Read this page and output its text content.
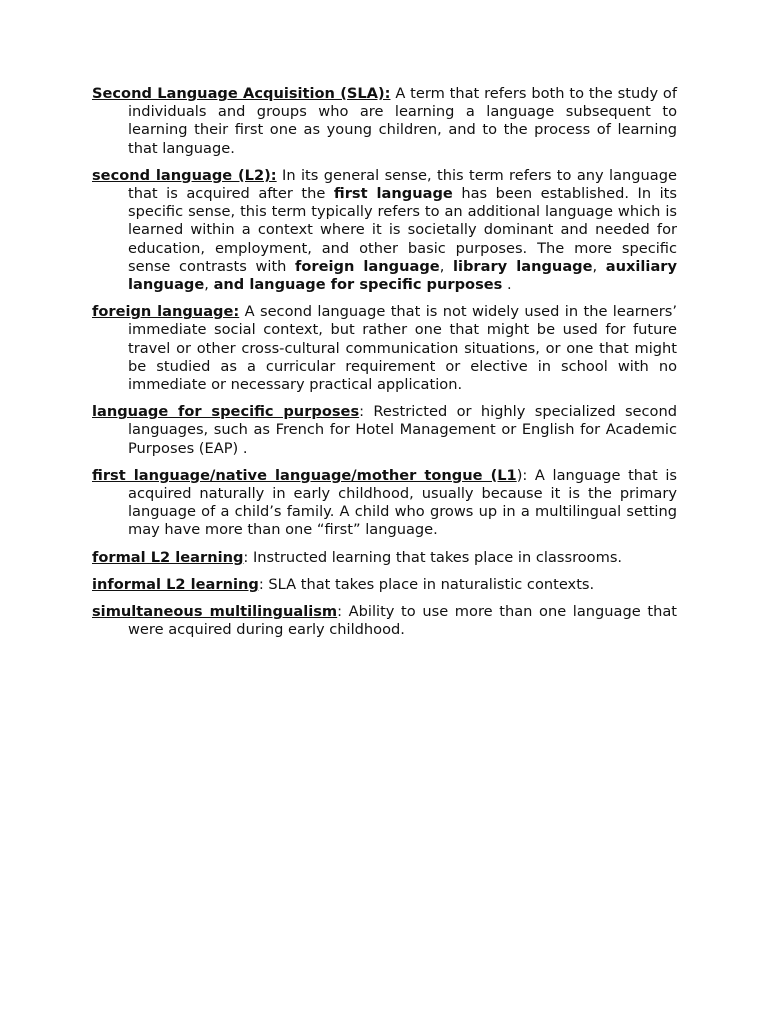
Second Language Acquisition (SLA): A term that refers both to the study of individuals and groups who are learning a language subsequent to learning their first one as young children, and to the process of learning that language.

second language (L2): In its general sense, this term refers to any language that is acquired after the first language has been established. In its specific sense, this term typically refers to an additional language which is learned within a context where it is societally dominant and needed for education, employment, and other basic purposes. The more specific sense contrasts with foreign language, library language, auxiliary language, and language for specific purposes .

foreign language: A second language that is not widely used in the learners’ immediate social context, but rather one that might be used for future travel or other cross-cultural communication situations, or one that might be studied as a curricular requirement or elective in school with no immediate or necessary practical application.

language for specific purposes: Restricted or highly specialized second languages, such as French for Hotel Management or English for Academic Purposes (EAP) .

first language/native language/mother tongue (L1): A language that is acquired naturally in early childhood, usually because it is the primary language of a child’s family. A child who grows up in a multilingual setting may have more than one “first” language.

formal L2 learning: Instructed learning that takes place in classrooms.

informal L2 learning: SLA that takes place in naturalistic contexts.

simultaneous multilingualism: Ability to use more than one language that were acquired during early childhood.
